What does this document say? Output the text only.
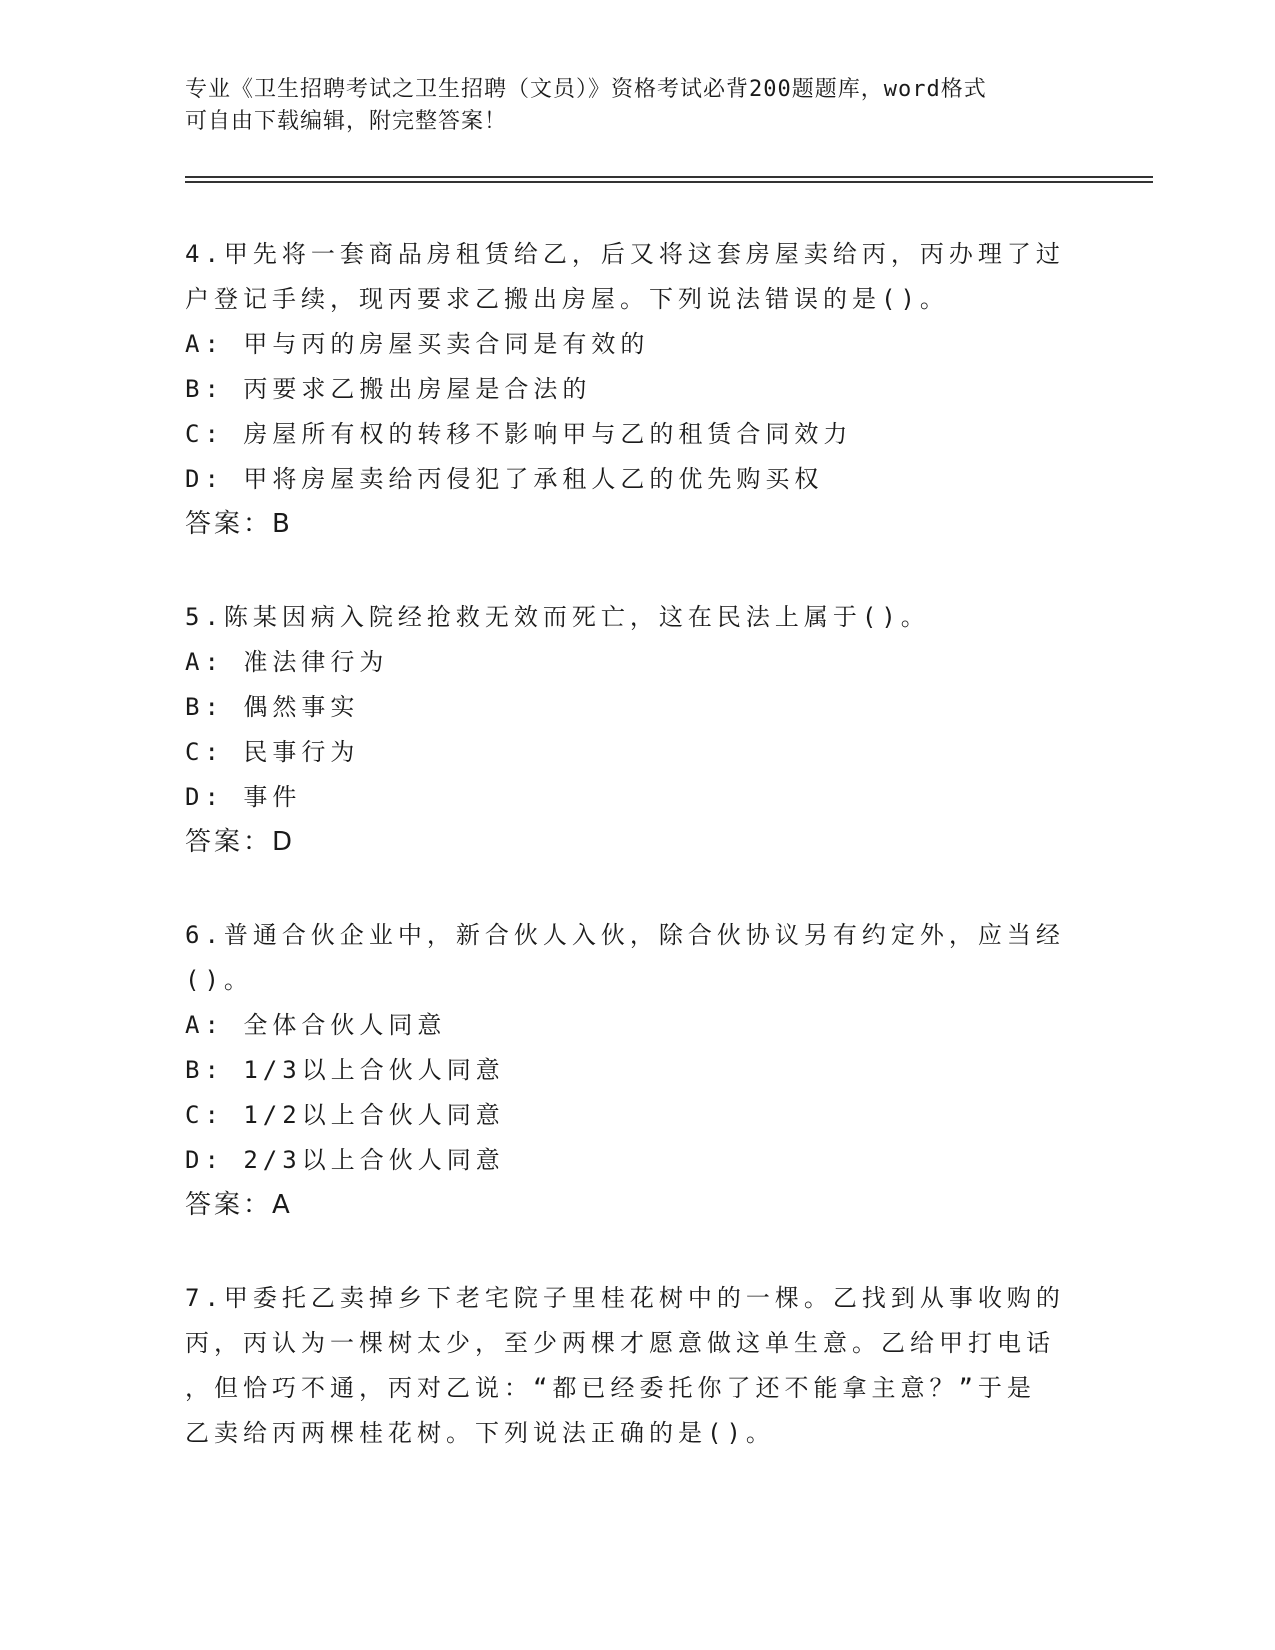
专业《卫生招聘考试之卫生招聘（文员）》资格考试必背200题题库，word格式
可自由下载编辑，附完整答案！

4.甲先将一套商品房租赁给乙，后又将这套房屋卖给丙，丙办理了过

户登记手续，现丙要求乙搬出房屋。下列说法错误的是()。

A: 甲与丙的房屋买卖合同是有效的

B: 丙要求乙搬出房屋是合法的

C: 房屋所有权的转移不影响甲与乙的租赁合同效力

D: 甲将房屋卖给丙侵犯了承租人乙的优先购买权

答案：B

5.陈某因病入院经抢救无效而死亡，这在民法上属于()。

A: 准法律行为

B: 偶然事实

C: 民事行为

D: 事件

答案：D

6.普通合伙企业中，新合伙人入伙，除合伙协议另有约定外，应当经

()。

A: 全体合伙人同意

B: 1/3以上合伙人同意

C: 1/2以上合伙人同意

D: 2/3以上合伙人同意

答案：A

7.甲委托乙卖掉乡下老宅院子里桂花树中的一棵。乙找到从事收购的

丙，丙认为一棵树太少，至少两棵才愿意做这单生意。乙给甲打电话

，但恰巧不通，丙对乙说：“都已经委托你了还不能拿主意？”于是

乙卖给丙两棵桂花树。下列说法正确的是()。
